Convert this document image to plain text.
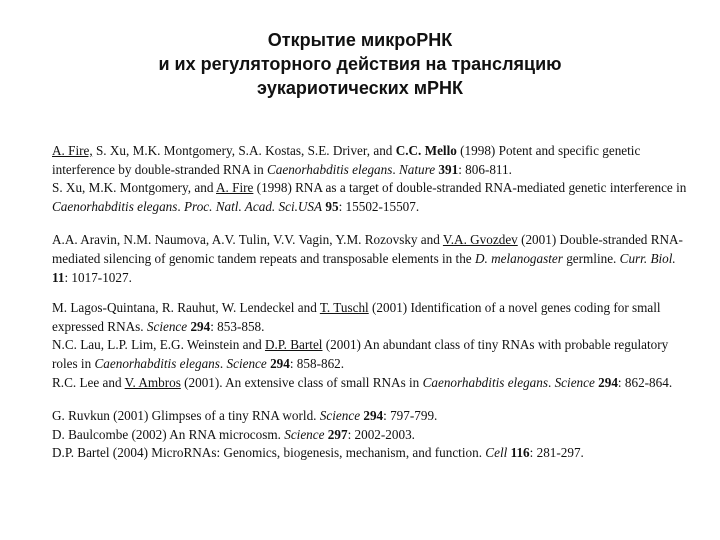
Открытие микроРНК
и их регуляторного действия на трансляцию
эукариотических мРНК

A. Fire, S. Xu, M.K. Montgomery, S.A. Kostas, S.E. Driver, and C.C. Mello (1998) Potent and specific genetic interference by double-stranded RNA in Caenorhabditis elegans. Nature 391: 806-811.

S. Xu, M.K. Montgomery, and A. Fire (1998) RNA as a target of double-stranded RNA-mediated genetic interference in Caenorhabditis elegans. Proc. Natl. Acad. Sci.USA 95: 15502-15507.

A.A. Aravin, N.M. Naumova, A.V. Tulin, V.V. Vagin, Y.M. Rozovsky and V.A. Gvozdev (2001) Double-stranded RNA-mediated silencing of genomic tandem repeats and transposable elements in the D. melanogaster germline. Curr. Biol. 11: 1017-1027.

M. Lagos-Quintana, R. Rauhut, W. Lendeckel and T. Tuschl (2001) Identification of a novel genes coding for small expressed RNAs. Science 294: 853-858.

N.C. Lau, L.P. Lim, E.G. Weinstein and D.P. Bartel (2001) An abundant class of tiny RNAs with probable regulatory roles in Caenorhabditis elegans. Science 294: 858-862.

R.C. Lee and V. Ambros (2001). An extensive class of small RNAs in Caenorhabditis elegans. Science 294: 862-864.

G. Ruvkun (2001) Glimpses of a tiny RNA world. Science 294: 797-799.

D. Baulcombe (2002) An RNA microcosm. Science 297: 2002-2003.

D.P. Bartel (2004) MicroRNAs: Genomics, biogenesis, mechanism, and function. Cell 116: 281-297.
